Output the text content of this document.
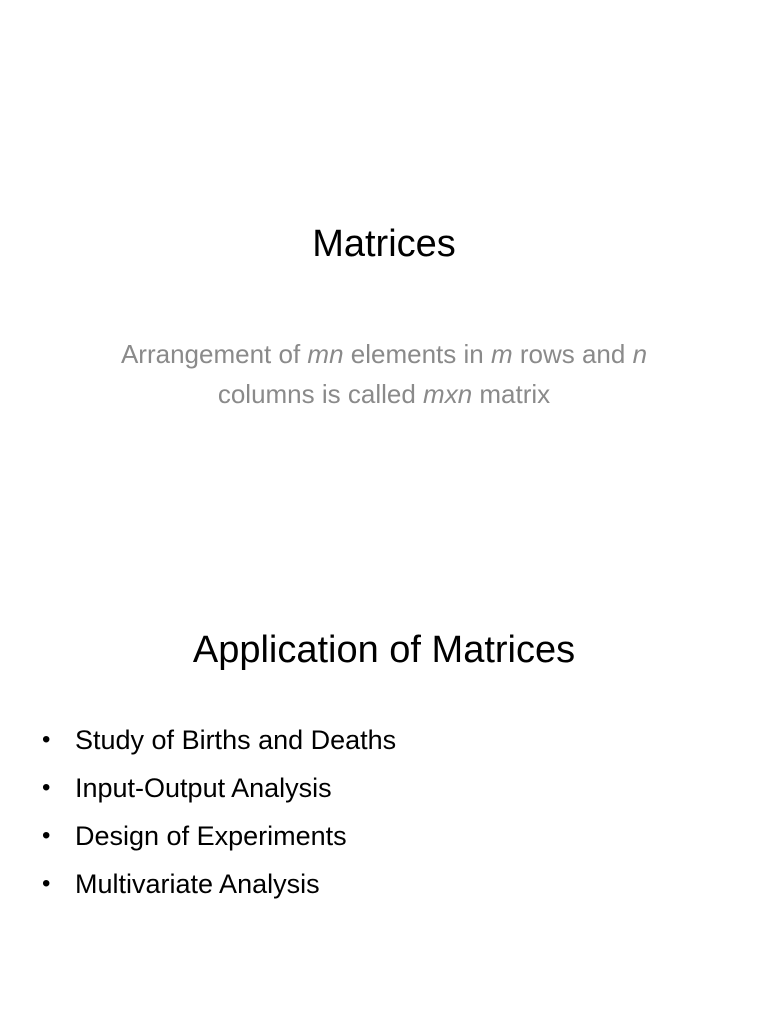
Matrices
Arrangement of mn elements in m rows and n columns is called mxn matrix
Application of Matrices
• Study of Births and Deaths
• Input-Output Analysis
• Design of Experiments
• Multivariate Analysis
